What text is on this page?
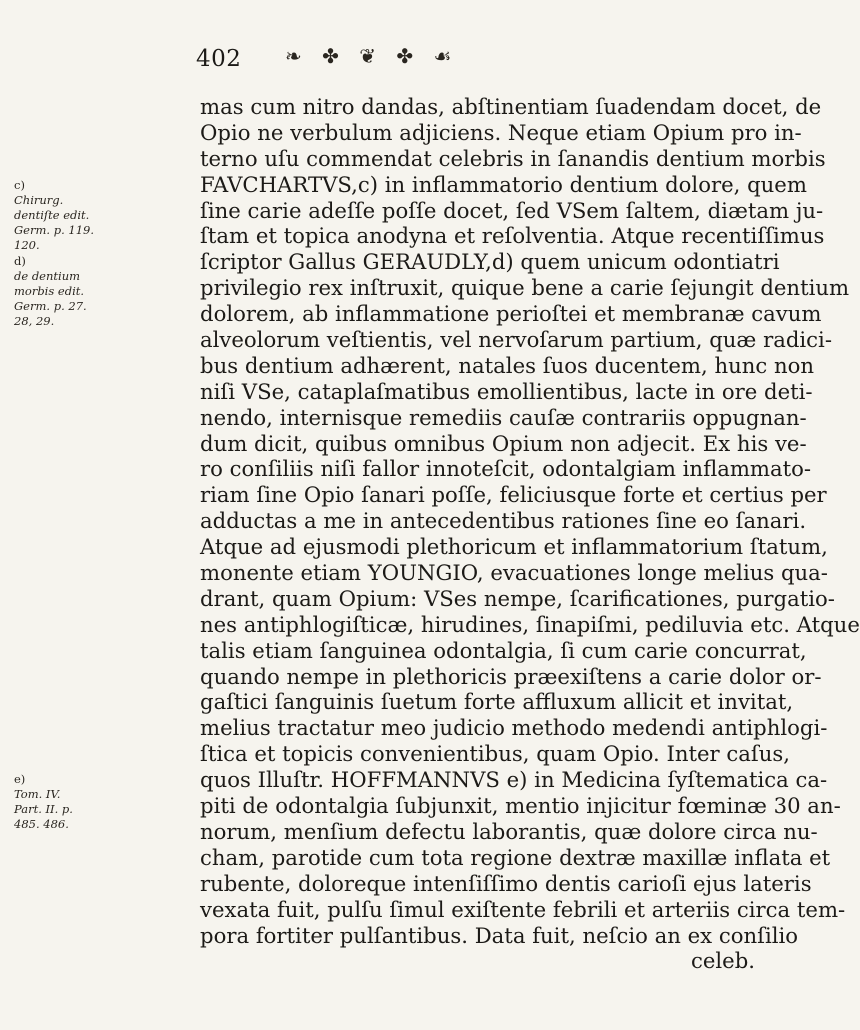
402 ❧ ✤ ❦ ✤ ☙
mas cum nitro dandas, abſtinentiam ſuadendam docet, de
Opio ne verbulum adjiciens. Neque etiam Opium pro in-
terno uſu commendat celebris in ſanandis dentium morbis
FAVCHARTVS,c) in inflammatorio dentium dolore, quem
ſine carie adeſſe poſſe docet, ſed VSem ſaltem, diætam ju-
ſtam et topica anodyna et reſolventia. Atque recentiſſimus
ſcriptor Gallus GERAUDLY,d) quem unicum odontiatri
privilegio rex inſtruxit, quique bene a carie ſejungit dentium
dolorem, ab inflammatione perioſtei et membranæ cavum
alveolorum veſtientis, vel nervoſarum partium, quæ radici-
bus dentium adhærent, natales ſuos ducentem, hunc non
niſi VSe, cataplaſmatibus emollientibus, lacte in ore deti-
nendo, internisque remediis cauſæ contrariis oppugnan-
dum dicit, quibus omnibus Opium non adjecit. Ex his ve-
ro conſiliis niſi fallor innoteſcit, odontalgiam inflammato-
riam ſine Opio ſanari poſſe, feliciusque forte et certius per
adductas a me in antecedentibus rationes ſine eo ſanari.
Atque ad ejusmodi plethoricum et inflammatorium ſtatum,
monente etiam YOUNGIO, evacuationes longe melius qua-
drant, quam Opium: VSes nempe, ſcarificationes, purgatio-
nes antiphlogiſticæ, hirudines, ſinapiſmi, pediluvia etc. Atque
talis etiam ſanguinea odontalgia, ſi cum carie concurrat,
quando nempe in plethoricis præexiſtens a carie dolor or-
gaſtici ſanguinis ſuetum forte affluxum allicit et invitat,
melius tractatur meo judicio methodo medendi antiphlogi-
ſtica et topicis convenientibus, quam Opio. Inter caſus,
quos Illuſtr. HOFFMANNVS e) in Medicina ſyſtematica ca-
piti de odontalgia ſubjunxit, mentio injicitur fœminæ 30 an-
norum, menſium defectu laborantis, quæ dolore circa nu-
cham, parotide cum tota regione dextræ maxillæ inflata et
rubente, doloreque intenſiſſimo dentis carioſi ejus lateris
vexata fuit, pulſu ſimul exiſtente febrili et arteriis circa tem-
pora fortiter pulſantibus. Data fuit, neſcio an ex conſilio
celeb.
c)
Chirurg.
dentiſte edit.
Germ. p. 119.
120.
d)
de dentium
morbis edit.
Germ. p. 27.
28, 29.
e)
Tom. IV.
Part. II. p.
485. 486.
